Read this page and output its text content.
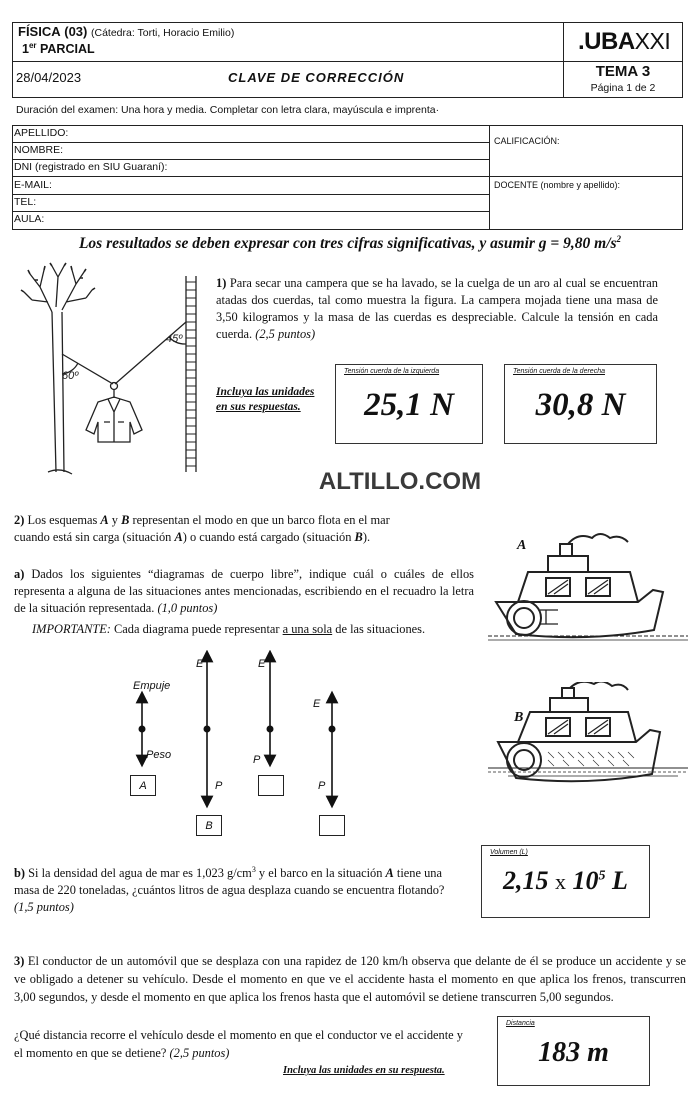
FÍSICA (03) (Cátedra: Torti, Horacio Emilio)
1er PARCIAL	.UBAXXI
28/04/2023	CLAVE DE CORRECCIÓN	TEMA 3
Página 1 de 2
Duración del examen: Una hora y media. Completar con letra clara, mayúscula e imprenta·
APELLIDO:
NOMBRE:
DNI (registrado en SIU Guaraní):
E-MAIL:
TEL:
AULA:
CALIFICACIÓN:
DOCENTE (nombre y apellido):
Los resultados se deben expresar con tres cifras significativas, y asumir g = 9,80 $m/s^2$
60º
45º
1) Para secar una campera que se ha lavado, se la cuelga de un aro al cual se encuentran atadas dos cuerdas, tal como muestra la figura. La campera mojada tiene una masa de 3,50 kilogramos y la masa de las cuerdas es despreciable. Calcule la tensión en cada cuerda. (2,5 puntos)
Incluya las unidades
en sus respuestas.
Tensión cuerda de la izquierda
25,1 N
Tensión cuerda de la derecha
30,8 N
ALTILLO.COM
2) Los esquemas A y B representan el modo en que un barco flota en el mar
cuando está sin carga (situación A) o cuando está cargado (situación B).
a) Dados los siguientes “diagramas de cuerpo libre”, indique cuál o cuáles de ellos representa a alguna de las situaciones antes mencionadas, escribiendo en el recuadro la letra de la situación representada. (1,0 puntos)
IMPORTANTE: Cada diagrama puede representar a una sola de las situaciones.
A
B
Empuje
Peso
E
P
E
P
E
P
A
B
b) Si la densidad del agua de mar es 1,023 $g/cm^3$ y el barco en la situación A tiene una masa de 220 toneladas, ¿cuántos litros de agua desplaza cuando se encuentra flotando? (1,5 puntos)
Volumen (L)
2,15 x $10^5$ L
3) El conductor de un automóvil que se desplaza con una rapidez de 120 km/h observa que delante de él se produce un accidente y se ve obligado a detener su vehículo. Desde el momento en que ve el accidente hasta el momento en que aplica los frenos, transcurren 3,00 segundos, y desde el momento en que aplica los frenos hasta que el automóvil se detiene transcurren 5,00 segundos.
¿Qué distancia recorre el vehículo desde el momento en que el conductor ve el accidente y el momento en que se detiene? (2,5 puntos)
Incluya las unidades en su respuesta.
Distancia
183 m
